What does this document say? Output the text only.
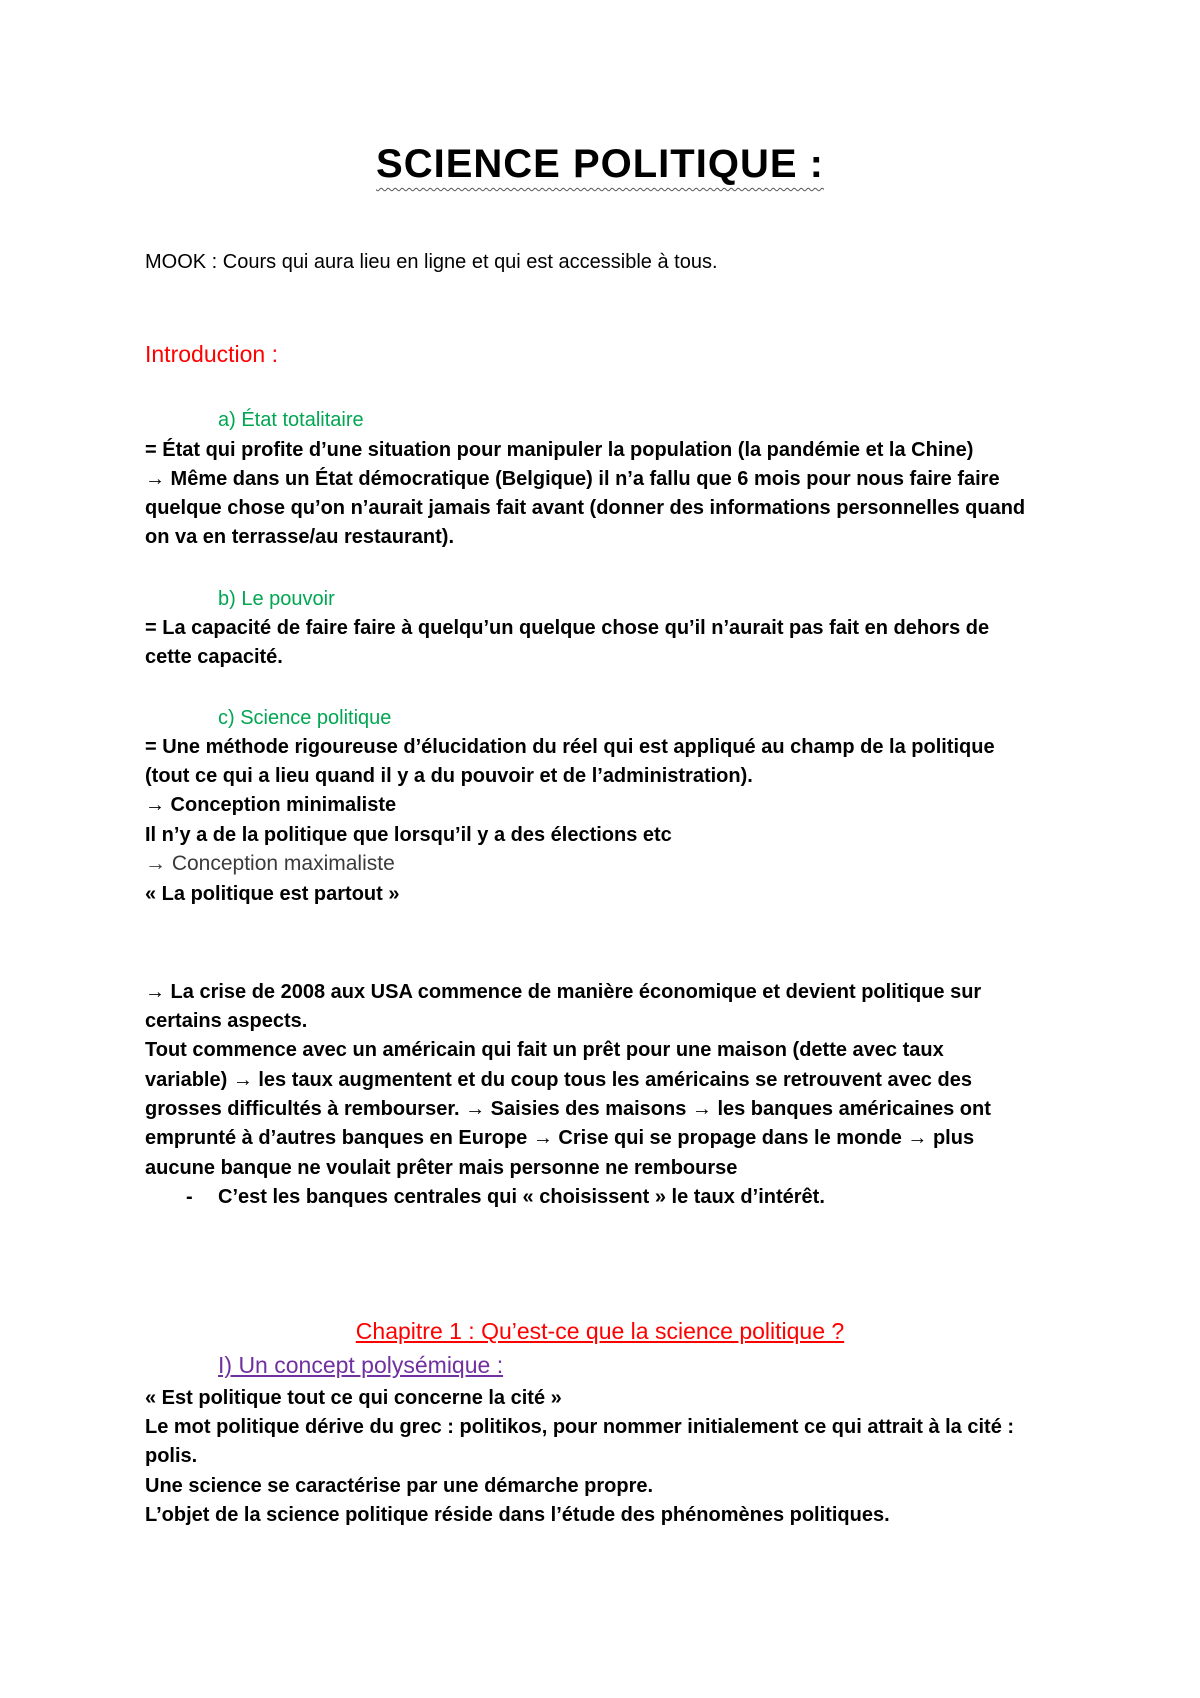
SCIENCE POLITIQUE :

MOOK : Cours qui aura lieu en ligne et qui est accessible à tous.

Introduction :

a) État totalitaire

= État qui profite d’une situation pour manipuler la population (la pandémie et la Chine)

→ Même dans un État démocratique (Belgique) il n’a fallu que 6 mois pour nous faire faire

quelque chose qu’on n’aurait jamais fait avant (donner des informations personnelles quand

on va en terrasse/au restaurant).

b) Le pouvoir

= La capacité de faire faire à quelqu’un quelque chose qu’il n’aurait pas fait en dehors de

cette capacité.

c) Science politique

= Une méthode rigoureuse d’élucidation du réel qui est appliqué au champ de la politique

(tout ce qui a lieu quand il y a du pouvoir et de l’administration).

→ Conception minimaliste

Il n’y a de la politique que lorsqu’il y a des élections etc

→ Conception maximaliste

« La politique est partout »

→ La crise de 2008 aux USA commence de manière économique et devient politique sur

certains aspects.

Tout commence avec un américain qui fait un prêt pour une maison (dette avec taux

variable) → les taux augmentent et du coup tous les américains se retrouvent avec des

grosses difficultés à rembourser. → Saisies des maisons → les banques américaines ont

emprunté à d’autres banques en Europe → Crise qui se propage dans le monde → plus

aucune banque ne voulait prêter mais personne ne rembourse

- C’est les banques centrales qui « choisissent » le taux d’intérêt.

Chapitre 1 : Qu’est-ce que la science politique ?

I) Un concept polysémique :

« Est politique tout ce qui concerne la cité »

Le mot politique dérive du grec : politikos, pour nommer initialement ce qui attrait à la cité :

polis.

Une science se caractérise par une démarche propre.

L’objet de la science politique réside dans l’étude des phénomènes politiques.
